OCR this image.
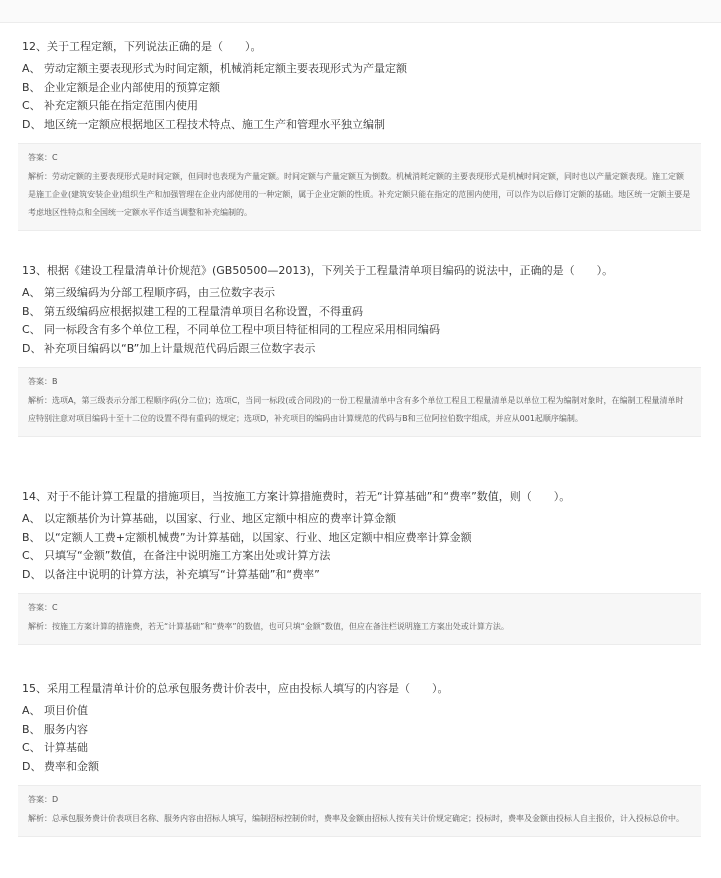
12、关于工程定额，下列说法正确的是（　　）。
A、 劳动定额主要表现形式为时间定额，机械消耗定额主要表现形式为产量定额
B、 企业定额是企业内部使用的预算定额
C、 补充定额只能在指定范围内使用
D、 地区统一定额应根据地区工程技术特点、施工生产和管理水平独立编制
答案：C
解析：劳动定额的主要表现形式是时间定额，但同时也表现为产量定额。时间定额与产量定额互为倒数。机械消耗定额的主要表现形式是机械时间定额，同时也以产量定额表现。施工定额是施工企业(建筑安装企业)组织生产和加强管理在企业内部使用的一种定额，属于企业定额的性质。补充定额只能在指定的范围内使用，可以作为以后修订定额的基础。地区统一定额主要是考虑地区性特点和全国统一定额水平作适当调整和补充编制的。
13、根据《建设工程量清单计价规范》(GB50500—2013)，下列关于工程量清单项目编码的说法中，正确的是（　　）。
A、 第三级编码为分部工程顺序码，由三位数字表示
B、 第五级编码应根据拟建工程的工程量清单项目名称设置，不得重码
C、 同一标段含有多个单位工程，不同单位工程中项目特征相同的工程应采用相同编码
D、 补充项目编码以“B”加上计量规范代码后跟三位数字表示
答案：B
解析：选项A，第三级表示分部工程顺序码(分二位)；选项C，当同一标段(或合同段)的一份工程量清单中含有多个单位工程且工程量清单是以单位工程为编制对象时，在编制工程量清单时应特别注意对项目编码十至十二位的设置不得有重码的规定；选项D，补充项目的编码由计算规范的代码与B和三位阿拉伯数字组成，并应从001起顺序编制。
14、对于不能计算工程量的措施项目，当按施工方案计算措施费时，若无“计算基础”和“费率”数值，则（　　）。
A、 以定额基价为计算基础，以国家、行业、地区定额中相应的费率计算金额
B、 以“定额人工费+定额机械费”为计算基础，以国家、行业、地区定额中相应费率计算金额
C、 只填写“金额”数值，在备注中说明施工方案出处或计算方法
D、 以备注中说明的计算方法，补充填写“计算基础”和“费率”
答案：C
解析：按施工方案计算的措施费，若无“计算基础”和“费率”的数值，也可只填“金额”数值，但应在备注栏说明施工方案出处或计算方法。
15、采用工程量清单计价的总承包服务费计价表中，应由投标人填写的内容是（　　）。
A、 项目价值
B、 服务内容
C、 计算基础
D、 费率和金额
答案：D
解析：总承包服务费计价表项目名称、服务内容由招标人填写，编制招标控制价时，费率及金额由招标人按有关计价规定确定；投标时，费率及金额由投标人自主报价，计入投标总价中。
